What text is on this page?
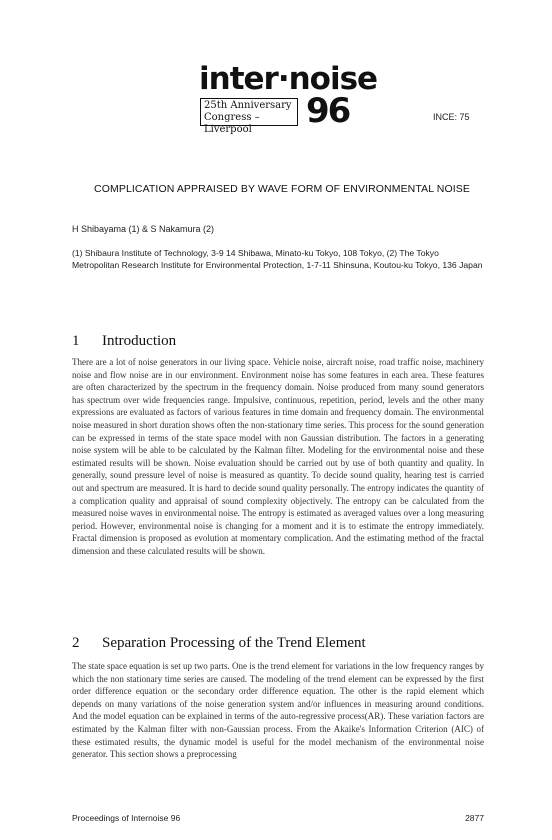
inter·noise
25th Anniversary
Congress – Liverpool	96	INCE: 75
COMPLICATION APPRAISED BY WAVE FORM OF ENVIRONMENTAL NOISE
H Shibayama (1) & S Nakamura (2)
(1) Shibaura Institute of Technology, 3-9 14 Shibawa, Minato-ku Tokyo, 108 Tokyo, (2) The Tokyo Metropolitan Research Institute for Environmental Protection, 1-7-11 Shinsuna, Koutou-ku Tokyo, 136 Japan
1 Introduction
There are a lot of noise generators in our living space. Vehicle noise, aircraft noise, road traffic noise, machinery noise and flow noise are in our environment. Environment noise has some features in each area. These features are often characterized by the spectrum in the frequency domain. Noise produced from many sound generators has spectrum over wide frequencies range. Impulsive, continuous, repetition, period, levels and the other many expressions are evaluated as factors of various features in time domain and frequency domain. The environmental noise measured in short duration shows often the non-stationary time series. This process for the sound generation can be expressed in terms of the state space model with non Gaussian distribution. The factors in a generating noise system will be able to be calculated by the Kalman filter. Modeling for the environmental noise and these estimated results will be shown. Noise evaluation should be carried out by use of both quantity and quality. In generally, sound pressure level of noise is measured as quantity. To decide sound quality, hearing test is carried out and spectrum are measured. It is hard to decide sound quality personally. The entropy indicates the quantity of a complication quality and appraisal of sound complexity objectively. The entropy can be calculated from the measured noise waves in environmental noise. The entropy is estimated as averaged values over a long measuring period. However, environmental noise is changing for a moment and it is to estimate the entropy immediately. Fractal dimension is proposed as evolution at momentary complication. And the estimating method of the fractal dimension and these calculated results will be shown.
2 Separation Processing of the Trend Element
The state space equation is set up two parts. One is the trend element for variations in the low frequency ranges by which the non stationary time series are caused. The modeling of the trend element can be expressed by the first order difference equation or the secondary order difference equation. The other is the rapid element which depends on many variations of the noise generation system and/or influences in measuring around conditions. And the model equation can be explained in terms of the auto-regressive process(AR). These variation factors are estimated by the Kalman filter with non-Gaussian process. From the Akaike's Information Criterion (AIC) of these estimated results, the dynamic model is useful for the model mechanism of the environmental noise generator. This section shows a preprocessing
Proceedings of Internoise 96	2877
